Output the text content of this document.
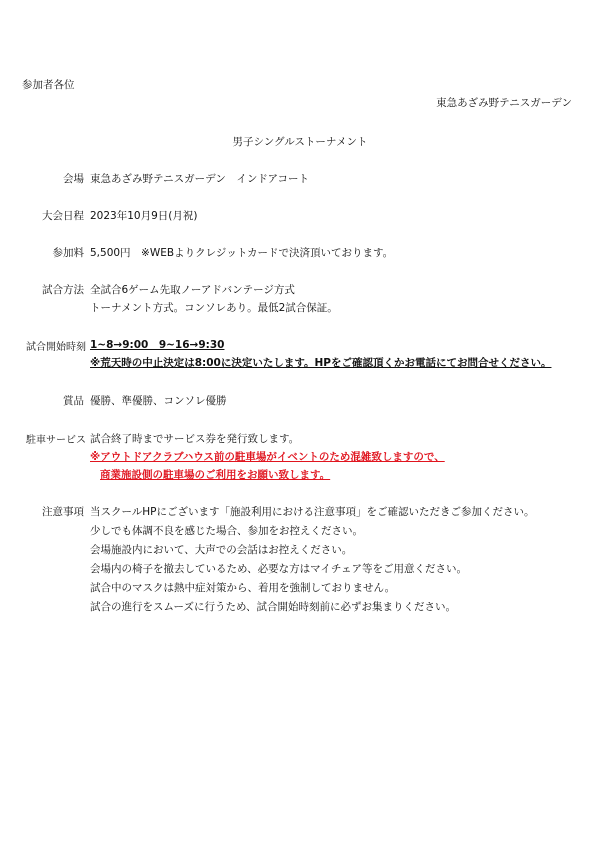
参加者各位
東急あざみ野テニスガーデン
男子シングルストーナメント
会場 東急あざみ野テニスガーデン　インドアコート
大会日程 2023年10月9日(月祝)
参加料 5,500円　※WEBよりクレジットカードで決済頂いております。
試合方法 全試合6ゲーム先取ノーアドバンテージ方式
トーナメント方式。コンソレあり。最低2試合保証。
試合開始時刻 1~8→9:00　9~16→9:30
※荒天時の中止決定は8:00に決定いたします。HPをご確認頂くかお電話にてお問合せください。
賞品 優勝、準優勝、コンソレ優勝
駐車サービス 試合終了時までサービス券を発行致します。
※アウトドアクラブハウス前の駐車場がイベントのため混雑致しますので、
商業施設側の駐車場のご利用をお願い致します。
注意事項 当スクールHPにございます「施設利用における注意事項」をご確認いただきご参加ください。
少しでも体調不良を感じた場合、参加をお控えください。
会場施設内において、大声での会話はお控えください。
会場内の椅子を撤去しているため、必要な方はマイチェア等をご用意ください。
試合中のマスクは熱中症対策から、着用を強制しておりません。
試合の進行をスムーズに行うため、試合開始時刻前に必ずお集まりください。
